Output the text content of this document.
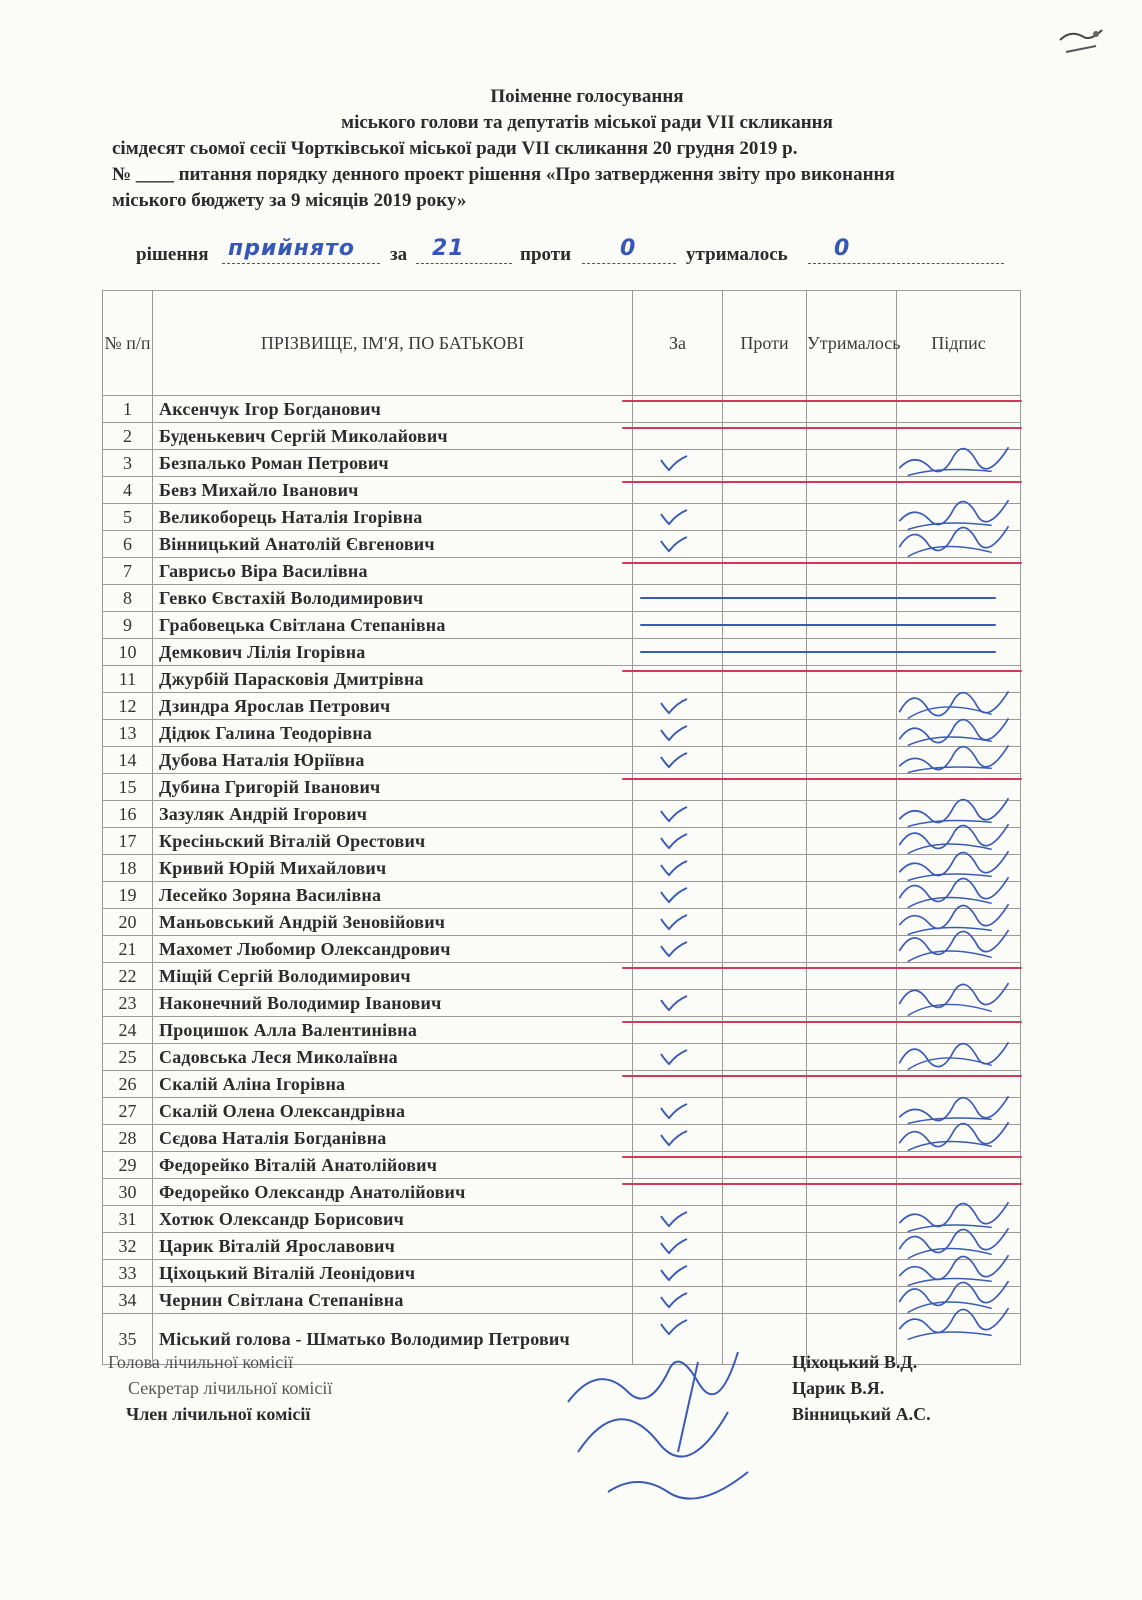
Поіменне голосування
міського голови та депутатів міської ради VII скликання
сімдесят сьомої сесії Чортківської міської ради VII скликання 20 грудня 2019 р.
№ ____ питання порядку денного проект рішення «Про затвердження звіту про виконання
міського бюджету за 9 місяців 2019 року»
рішення прийнято за 21	проти 0	утрималось 0
№ п/п	ПРІЗВИЩЕ, ІМ'Я, ПО БАТЬКОВІ	За	Проти	Утрималось	Підпис
1	Аксенчук Ігор Богданович				
2	Буденькевич Сергій Миколайович				
3	Безпалько Роман Петрович	

4	Бевз Михайло Іванович				
5	Великоборець Наталія Ігорівна	

6	Вінницький Анатолій Євгенович	

7	Гаврисьо Віра Василівна				
8	Гевко Євстахій Володимирович				
9	Грабовецька Світлана Степанівна				
10	Демкович Лілія Ігорівна				
11	Джурбій Парасковія Дмитрівна				
12	Дзиндра Ярослав Петрович	

13	Дідюк Галина Теодорівна	

14	Дубова Наталія Юріївна	

15	Дубина Григорій Іванович				
16	Зазуляк Андрій Ігорович	

17	Кресіньский Віталій Орестович	

18	Кривий Юрій Михайлович	

19	Лесейко Зоряна Василівна	

20	Маньовський Андрій Зеновійович	

21	Махомет Любомир Олександрович	

22	Міщій Сергій Володимирович				
23	Наконечний Володимир Іванович	

24	Процишок Алла Валентинівна				
25	Садовська Леся Миколаївна	

26	Скалій Аліна Ігорівна				
27	Скалій Олена Олександрівна	

28	Сєдова Наталія Богданівна	

29	Федорейко Віталій Анатолійович				
30	Федорейко Олександр Анатолійович				
31	Хотюк Олександр Борисович	

32	Царик Віталій Ярославович	

33	Ціхоцький Віталій Леонідович	

34	Чернин Світлана Степанівна	

35	Міський голова - Шматько Володимир Петрович	

Голова лічильної комісії
Секретар лічильної комісії
Член лічильної комісії
Ціхоцький В.Д.
Царик В.Я.
Вінницький А.С.
